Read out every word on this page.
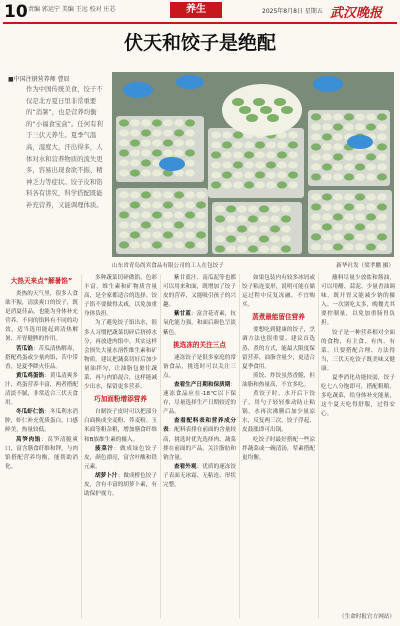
10 责编 郭运宁 美编 王远 校对 庄芯	养生	2025年8月8日 星期五 武汉晚报
伏天和饺子是绝配
■中国注册营养师 曹辰
作为中国传统美食，饺子不仅是北方夏日里非常重要的“消暑”，也是营养均衡的“小福食宝盒”。任何有利于三伏天养生。夏季气温高，湿度大，汗出得多，人体对水和营养物质的流失更多，容易出现食欲不振、精神乏力等症状。饺子皮和馅料各有讲究，科学搭配既能补充营养，又能调理体质。
山东省青岛尚宾食品有限公司的工人在包饺子	新华社发（梁孝鹏 摄）
大热天来点“解暑馅”

炎热的天气里，很多人食欲不振，清淡爽口的饺子，既是消夏佳品，也能为身体补充营养。不同的馅料有不同的功效，适当选用能起到清热解暑、开胃健脾的作用。

苦瓜馅：苦瓜清热解毒，搭配鸡蛋或少量肉馅，苦中带香，是夏季降火佳品。

黄瓜鸡蛋馅：黄瓜清爽多汁，鸡蛋营养丰富，两者搭配清淡不腻，非常适合三伏天食用。

冬瓜虾仁馅：冬瓜利水消肿，虾仁补充优质蛋白，口感鲜美，热量较低。

莴笋肉馅：莴笋清脆爽口，富含膳食纤维和钾，与肉馅搭配营养均衡，能帮助消化。

多种蔬菜切碎做馅，色彩丰富，维生素和矿物质含量高，是全家都适合的选择。饺子馅不要做得太咸，以免加重身体负担。

为了避免饺子馅出水，很多人习惯把蔬菜切碎后挤掉水分，再放进肉馅中。其实这样会损失大量水溶性维生素和矿物质。建议把蔬菜切好后加少量油拌匀，让油脂包裹住蔬菜，再与肉馅混合，这样能减少出水，保留更多营养。

巧加面粉增添营养

自制饺子皮时可以把部分白面换成全麦粉、荞麦粉、玉米面等粗杂粮，增加膳食纤维和B族维生素的摄入。

菠菜汁：做成绿色饺子皮，颜色漂亮，富含叶酸和铁元素。

胡萝卜汁：做成橙色饺子皮，含有丰富的胡萝卜素，有助保护视力。

紫甘蓝汁、南瓜泥等也都可以用来和面，既增加了饺子皮的营养，又能吸引孩子的兴趣。

紫甘蓝：富含花青素，抗氧化能力强，和面后颜色呈淡紫色。

挑选冻的关注三点

速冻饺子是很多家庭的常备食品，挑选时可以关注三点。

查看生产日期和保质期：速冻食品应在-18℃以下保存，尽量选择生产日期较近的产品。

查看配料表和营养成分表：配料表排在前面的含量较高，挑选时优先选择肉、蔬菜排在前面的产品，关注脂肪和钠含量。

查看外观：优质的速冻饺子表面无冰霜、无粘连、形状完整。

如果包装内有较多冰屑或饺子粘连变形，说明可能在储运过程中反复冻融，不宜购买。

蒸煮最能留住营养

要想吃到健康的饺子，烹调方法也很重要。建议首选蒸、煮的方式，能最大限度保留营养，油脂含量少，更适合夏季食用。

煎饺、炸饺虽然香脆，但油脂和热量高，不宜多吃。

煮饺子时，水开后下饺子，用勺子轻轻推动防止粘锅，水再次沸腾后加少量凉水，反复两三次，饺子浮起、皮鼓胀即可出锅。

吃饺子时最好搭配一些凉拌蔬菜或一碗清汤，荤素搭配更均衡。

蘸料尽量少放盐和酱油，可以用醋、蒜泥、少量香油调味，既开胃又能减少钠的摄入。一次别吃太多，晚餐尤其要控制量，以免加重肠胃负担。

饺子是一种营养相对全面的食物，有主食、有肉、有菜。只要搭配合理、方法得当，三伏天吃饺子既美味又健康。

夏季消化功能较弱，饺子吃七八分饱即可，搭配粗粮、多吃蔬菜，给身体补充能量，这个夏天吃得舒服，过得安心。

（生命时报官方网站）
